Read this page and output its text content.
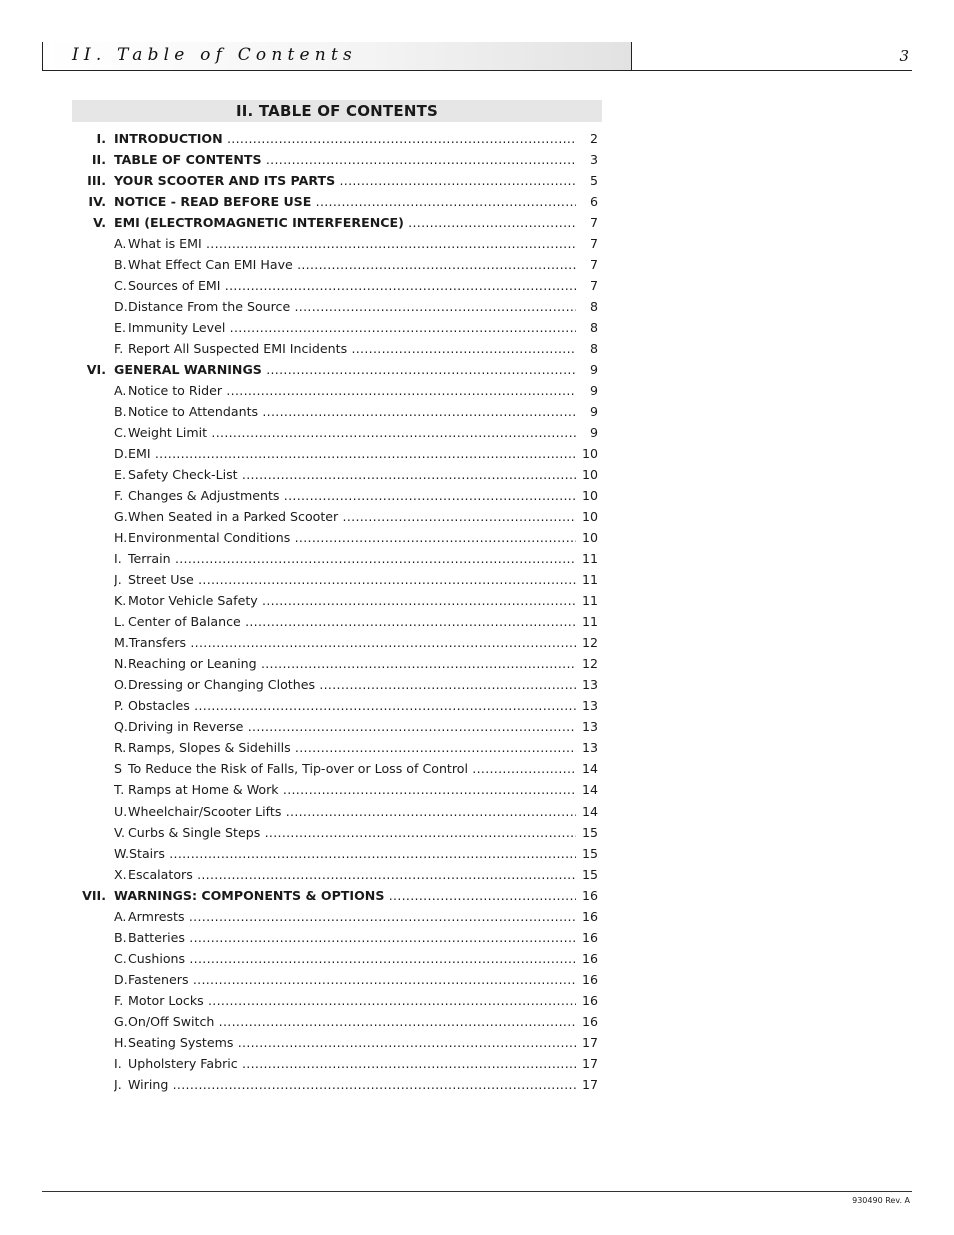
II. Table of Contents	3
II. TABLE OF CONTENTS
I. INTRODUCTION .....	2
II. TABLE OF CONTENTS .....	3
III. YOUR SCOOTER AND ITS PARTS .....	5
IV. NOTICE - READ BEFORE USE .....	6
V. EMI (ELECTROMAGNETIC INTERFERENCE) .....	7
A. What is EMI .....	7
B.What Effect Can EMI Have .....	7
C.Sources of EMI .....	7
D.Distance From the Source .....	8
E. Immunity Level .....	8
F. Report All Suspected EMI Incidents .....	8
VI. GENERAL WARNINGS .....	9
A. Notice to Rider .....	9
B.Notice to Attendants .....	9
C.Weight Limit .....	9
D.EMI .....	10
E. Safety Check-List .....	10
F. Changes & Adjustments .....	10
G.When Seated in a Parked Scooter .....	10
H.Environmental Conditions .....	10
I. Terrain .....	11
J. Street Use .....	11
K. Motor Vehicle Safety .....	11
L. Center of Balance .....	11
M.Transfers .....	12
N.Reaching or Leaning .....	12
O.Dressing or Changing Clothes .....	13
P. Obstacles .....	13
Q.Driving in Reverse .....	13
R. Ramps, Slopes & Sidehills .....	13
S To Reduce the Risk of Falls, Tip-over or Loss of Control .....	14
T. Ramps at Home & Work .....	14
U.Wheelchair/Scooter Lifts .....	14
V. Curbs & Single Steps .....	15
W.Stairs .....	15
X.Escalators .....	15
VII. WARNINGS: COMPONENTS & OPTIONS .....	16
A. Armrests .....	16
B.Batteries .....	16
C.Cushions .....	16
D.Fasteners .....	16
F. Motor Locks .....	16
G.On/Off Switch .....	16
H.Seating Systems .....	17
I. Upholstery Fabric .....	17
J. Wiring .....	17
930490 Rev. A
